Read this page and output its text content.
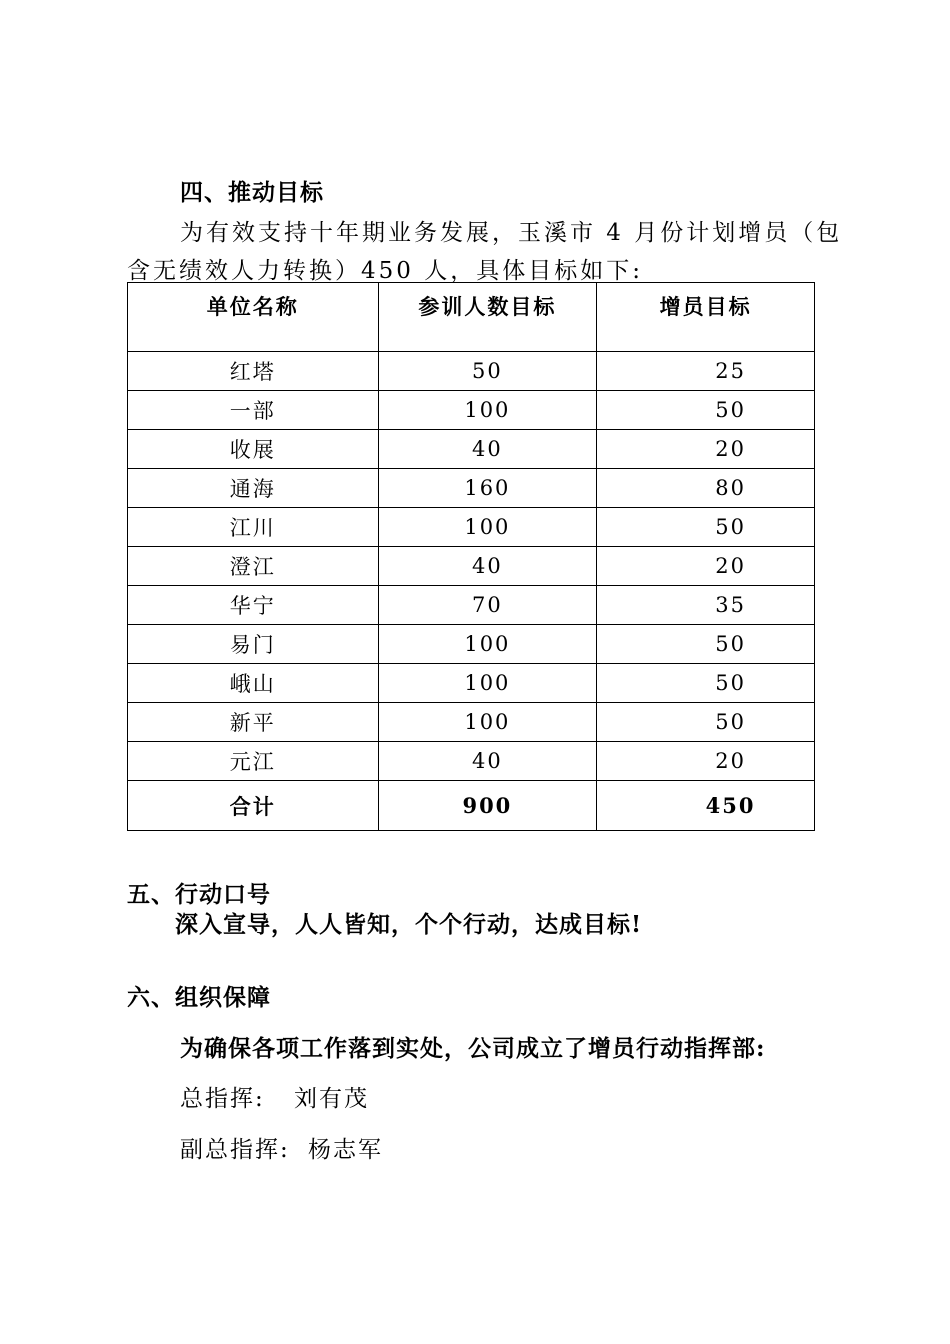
四、推动目标
为有效支持十年期业务发展，玉溪市 4 月份计划增员（包
含无绩效人力转换）450 人，具体目标如下:
单位名称	参训人数目标	增员目标
红塔	50	25
一部	100	50
收展	40	20
通海	160	80
江川	100	50
澄江	40	20
华宁	70	35
易门	100	50
峨山	100	50
新平	100	50
元江	40	20
合计	900	450
五、行动口号
深入宣导，人人皆知，个个行动，达成目标!
六、组织保障
为确保各项工作落到实处，公司成立了增员行动指挥部:
总指挥: 刘有茂
副总指挥: 杨志军
